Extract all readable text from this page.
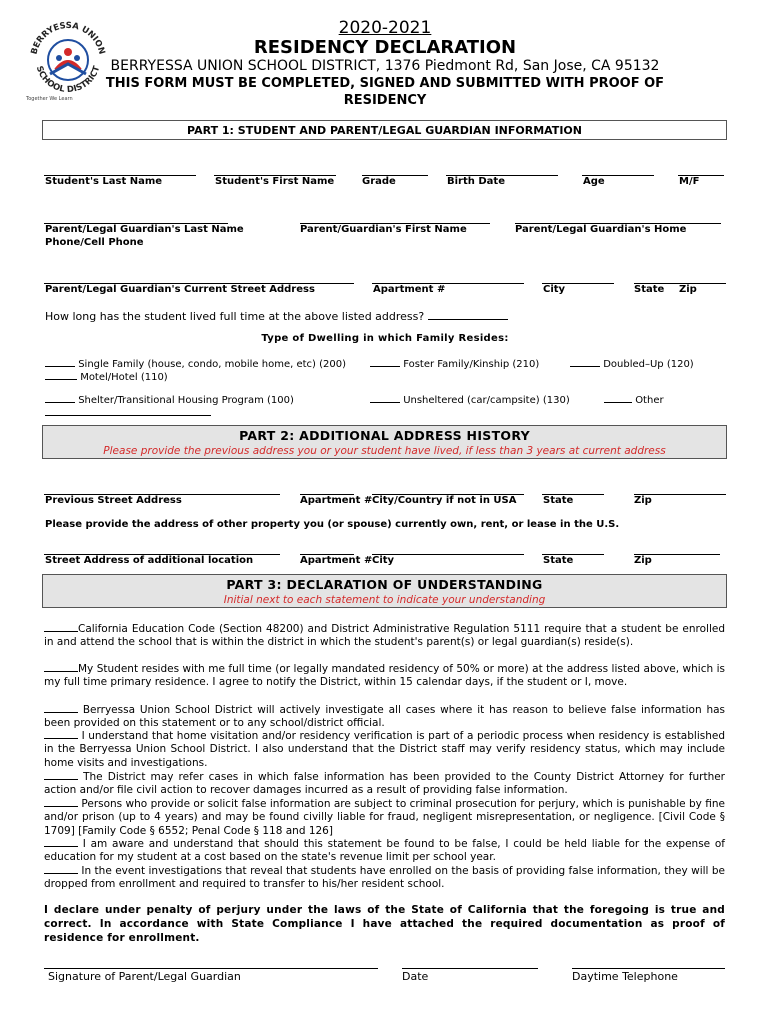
BERRYESSA UNION
SCHOOL DISTRICT
Together We Learn
2020-2021
RESIDENCY DECLARATION
BERRYESSA UNION SCHOOL DISTRICT, 1376 Piedmont Rd, San Jose, CA 95132
THIS FORM MUST BE COMPLETED, SIGNED AND SUBMITTED WITH PROOF OF
RESIDENCY
PART 1: STUDENT AND PARENT/LEGAL GUARDIAN INFORMATION
Student's Last Name	Student's First Name	Grade	Birth Date	Age	M/F
Parent/Legal Guardian's Last Name	Parent/Guardian's First Name	Parent/Legal Guardian's Home
Phone/Cell Phone
Parent/Legal Guardian's Current Street Address	Apartment #	City	State Zip
How long has the student lived full time at the above listed address?
Type of Dwelling in which Family Resides:
Single Family (house, condo, mobile home, etc) (200)	Foster Family/Kinship (210)	Doubled–Up (120)
Motel/Hotel (110)
Shelter/Transitional Housing Program (100)	Unsheltered (car/campsite) (130)	Other
PART 2: ADDITIONAL ADDRESS HISTORY
Please provide the previous address you or your student have lived, if less than 3 years at current address
Previous Street Address	Apartment # City/Country if not in USA	State	Zip
Please provide the address of other property you (or spouse) currently own, rent, or lease in the U.S.
Street Address of additional location	Apartment # City	State	Zip
PART 3: DECLARATION OF UNDERSTANDING
Initial next to each statement to indicate your understanding
California Education Code (Section 48200) and District Administrative Regulation 5111 require that a student be enrolled in and attend the school that is within the district in which the student's parent(s) or legal guardian(s) reside(s).
My Student resides with me full time (or legally mandated residency of 50% or more) at the address listed above, which is my full time primary residence. I agree to notify the District, within 15 calendar days, if the student or I, move.
Berryessa Union School District will actively investigate all cases where it has reason to believe false information has been provided on this statement or to any school/district official.
I understand that home visitation and/or residency verification is part of a periodic process when residency is established in the Berryessa Union School District. I also understand that the District staff may verify residency status, which may include home visits and investigations.
The District may refer cases in which false information has been provided to the County District Attorney for further action and/or file civil action to recover damages incurred as a result of providing false information.
Persons who provide or solicit false information are subject to criminal prosecution for perjury, which is punishable by fine and/or prison (up to 4 years) and may be found civilly liable for fraud, negligent misrepresentation, or negligence. [Civil Code § 1709] [Family Code § 6552; Penal Code § 118 and 126]
I am aware and understand that should this statement be found to be false, I could be held liable for the expense of education for my student at a cost based on the state's revenue limit per school year.
In the event investigations that reveal that students have enrolled on the basis of providing false information, they will be dropped from enrollment and required to transfer to his/her resident school.
I declare under penalty of perjury under the laws of the State of California that the foregoing is true and correct. In accordance with State Compliance I have attached the required documentation as proof of residence for enrollment.
Signature of Parent/Legal Guardian	Date	Daytime Telephone
